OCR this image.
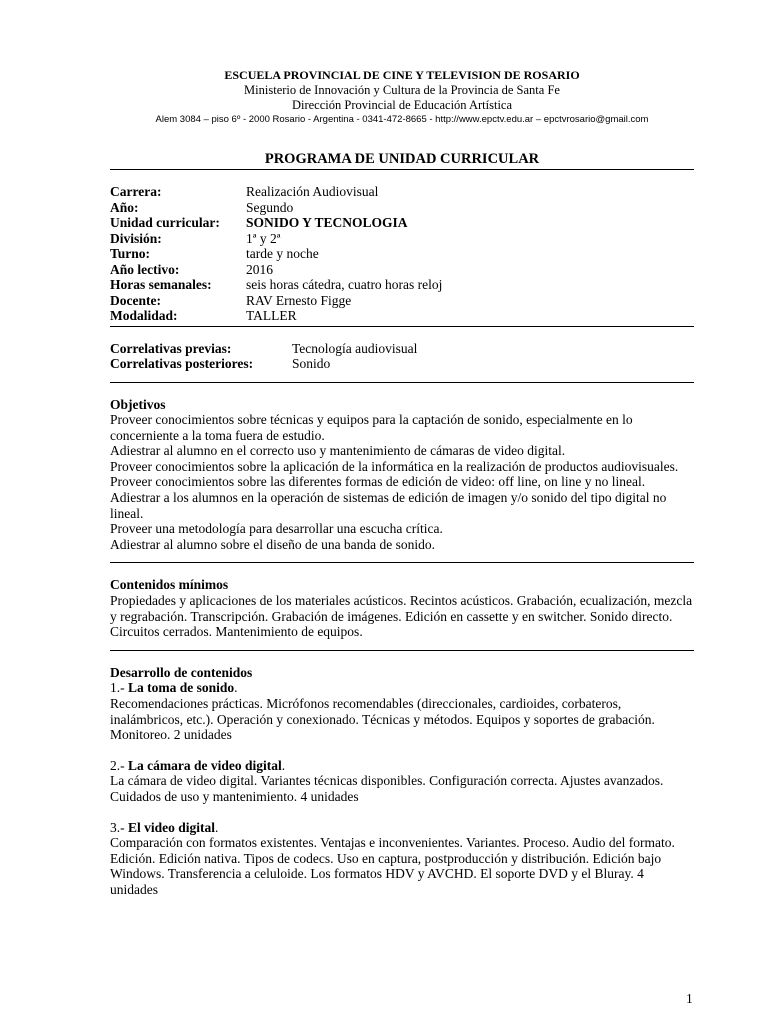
ESCUELA PROVINCIAL DE CINE Y TELEVISION DE ROSARIO
Ministerio de Innovación y Cultura de la Provincia de Santa Fe
Dirección Provincial de Educación Artística
Alem 3084 – piso 6º - 2000 Rosario - Argentina - 0341-472-8665 - http://www.epctv.edu.ar – epctvrosario@gmail.com
PROGRAMA DE UNIDAD CURRICULAR
Carrera:	Realización Audiovisual
Año:	Segundo
Unidad curricular:	SONIDO Y TECNOLOGIA
División:	1ª y 2ª
Turno:	tarde y noche
Año lectivo:	2016
Horas semanales:	seis horas cátedra, cuatro horas reloj
Docente:	RAV Ernesto Figge
Modalidad:	TALLER
Correlativas previas:	Tecnología audiovisual
Correlativas posteriores:	Sonido
Objetivos

Proveer conocimientos sobre técnicas y equipos para la captación de sonido, especialmente en lo concerniente a la toma fuera de estudio.

Adiestrar al alumno en el correcto uso y mantenimiento de cámaras de video digital.

Proveer conocimientos sobre la aplicación de la informática en la realización de productos audiovisuales.

Proveer conocimientos sobre las diferentes formas de edición de video: off line, on line y no lineal.

Adiestrar a los alumnos en la operación de sistemas de edición de imagen y/o sonido del tipo digital no lineal.

Proveer una metodología para desarrollar una escucha crítica.

Adiestrar al alumno sobre el diseño de una banda de sonido.

Contenidos mínimos

Propiedades y aplicaciones de los materiales acústicos. Recintos acústicos. Grabación, ecualización, mezcla y regrabación. Transcripción. Grabación de imágenes. Edición en cassette y en switcher. Sonido directo. Circuitos cerrados. Mantenimiento de equipos.

Desarrollo de contenidos
1.- La toma de sonido.

Recomendaciones prácticas. Micrófonos recomendables (direccionales, cardioides, corbateros, inalámbricos, etc.). Operación y conexionado. Técnicas y métodos. Equipos y soportes de grabación. Monitoreo. 2 unidades

2.- La cámara de video digital.

La cámara de video digital. Variantes técnicas disponibles. Configuración correcta. Ajustes avanzados. Cuidados de uso y mantenimiento. 4 unidades

3.- El video digital.

Comparación con formatos existentes. Ventajas e inconvenientes. Variantes. Proceso. Audio del formato. Edición. Edición nativa. Tipos de codecs. Uso en captura, postproducción y distribución. Edición bajo Windows. Transferencia a celuloide. Los formatos HDV y AVCHD. El soporte DVD y el Bluray. 4 unidades

1
